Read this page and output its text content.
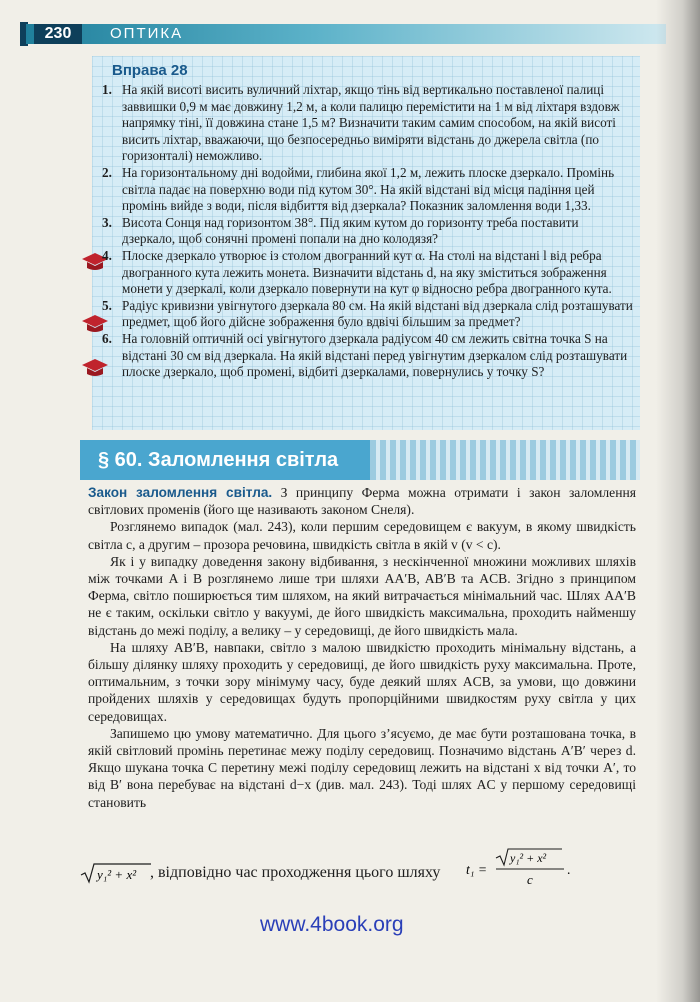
230	ОПТИКА
Вправа 28
1. На якій висоті висить вуличний ліхтар, якщо тінь від вертикально поставленої палиці заввишки 0,9 м має довжину 1,2 м, а коли палицю перемістити на 1 м від ліхтаря вздовж напрямку тіні, її довжина стане 1,5 м? Визначити таким самим способом, на якій висоті висить ліхтар, вважаючи, що безпосередньо виміряти відстань до джерела світла (по горизонталі) неможливо.
2. На горизонтальному дні водойми, глибина якої 1,2 м, лежить плоске дзеркало. Промінь світла падає на поверхню води під кутом 30°. На якій відстані від місця падіння цей промінь вийде з води, після відбиття від дзеркала? Показник заломлення води 1,33.
3. Висота Сонця над горизонтом 38°. Під яким кутом до горизонту треба поставити дзеркало, щоб сонячні промені попали на дно колодязя?
4. Плоске дзеркало утворює із столом двогранний кут α. На столі на відстані l від ребра двогранного кута лежить монета. Визначити відстань d, на яку зміститься зображення монети у дзеркалі, коли дзеркало повернути на кут φ відносно ребра двогранного кута.
5. Радіус кривизни увігнутого дзеркала 80 см. На якій відстані від дзеркала слід розташувати предмет, щоб його дійсне зображення було вдвічі більшим за предмет?
6. На головній оптичній осі увігнутого дзеркала радіусом 40 см лежить світна точка S на відстані 30 см від дзеркала. На якій відстані перед увігнутим дзеркалом слід розташувати плоске дзеркало, щоб промені, відбиті дзеркалами, повернулись у точку S?
§ 60. Заломлення світла

Закон заломлення світла. З принципу Ферма можна отримати і закон заломлення світлових променів (його ще називають законом Снеля).

Розглянемо випадок (мал. 243), коли першим середовищем є вакуум, в якому швидкість світла c, а другим – прозора речовина, швидкість світла в якій v (v < c).

Як і у випадку доведення закону відбивання, з нескінченної множини можливих шляхів між точками A і B розглянемо лише три шляхи AA′B, AB′B та ACB. Згідно з принципом Ферма, світло поширюється тим шляхом, на який витрачається мінімальний час. Шлях AA′B не є таким, оскільки світло у вакуумі, де його швидкість максимальна, проходить найменшу відстань до межі поділу, а велику – у середовищі, де його швидкість мала.

На шляху AB′B, навпаки, світло з малою швидкістю проходить мінімальну відстань, а більшу ділянку шляху проходить у середовищі, де його швидкість руху максимальна. Проте, оптимальним, з точки зору мінімуму часу, буде деякий шлях ACB, за умови, що довжини пройдених шляхів у середовищах будуть пропорційними швидкостям руху світла у цих середовищах.

Запишемо цю умову математично. Для цього з’ясуємо, де має бути розташована точка, в якій світловий промінь перетинає межу поділу середовищ. Позначимо відстань A′B′ через d. Якщо шукана точка C перетину межі поділу середовищ лежить на відстані x від точки A′, то від B′ вона перебуває на відстані d−x (див. мал. 243). Тоді шлях AC у першому середовищі становить

y₁² + x² , відповідно час проходження цього шляху t₁ =
y₁² + x²
c
.
www.4book.org
